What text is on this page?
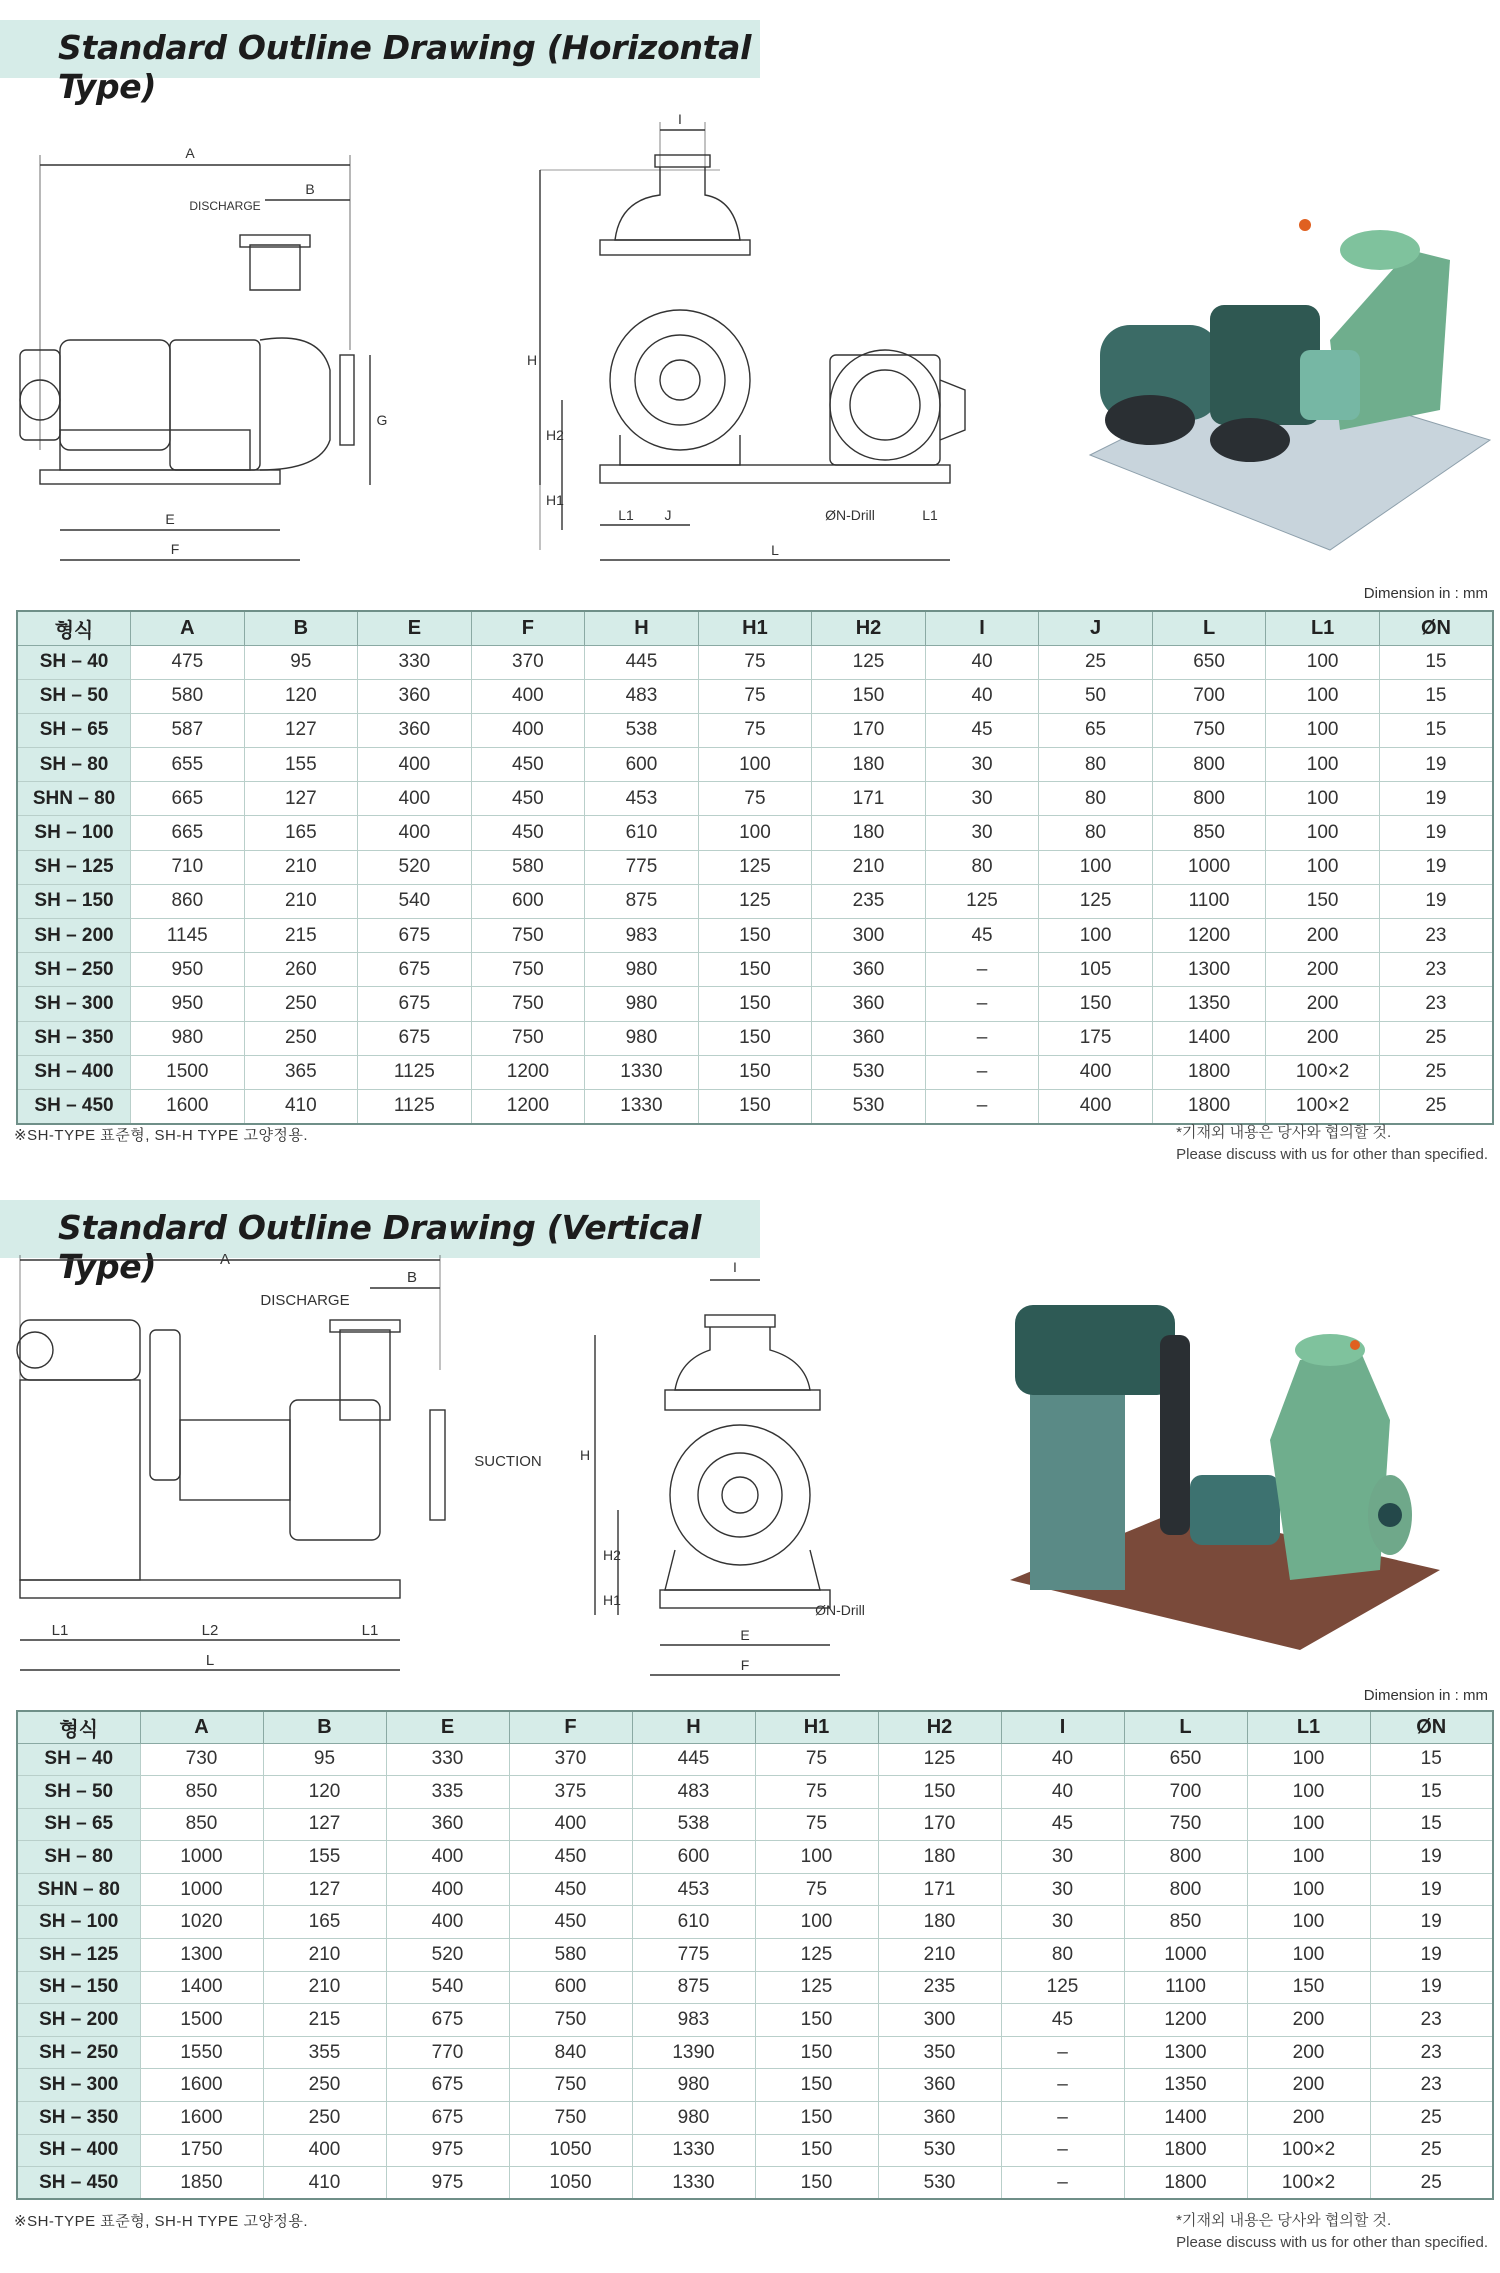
Standard Outline Drawing (Horizontal Type)
A
B
DISCHARGE
E
F
G
I
H
H2
H1
L1 J
L
ØN-Drill	L1
Dimension in : mm
형식	A	B	E	F	H	H1	H2	I	J	L	L1	ØN
SH – 40	475	95	330	370	445	75	125	40	25	650	100	15
SH – 50	580	120	360	400	483	75	150	40	50	700	100	15
SH – 65	587	127	360	400	538	75	170	45	65	750	100	15
SH – 80	655	155	400	450	600	100	180	30	80	800	100	19
SHN – 80	665	127	400	450	453	75	171	30	80	800	100	19
SH – 100	665	165	400	450	610	100	180	30	80	850	100	19
SH – 125	710	210	520	580	775	125	210	80	100	1000	100	19
SH – 150	860	210	540	600	875	125	235	125	125	1100	150	19
SH – 200	1145	215	675	750	983	150	300	45	100	1200	200	23
SH – 250	950	260	675	750	980	150	360	–	105	1300	200	23
SH – 300	950	250	675	750	980	150	360	–	150	1350	200	23
SH – 350	980	250	675	750	980	150	360	–	175	1400	200	25
SH – 400	1500	365	1125	1200	1330	150	530	–	400	1800	100×2	25
SH – 450	1600	410	1125	1200	1330	150	530	–	400	1800	100×2	25
※SH-TYPE 표준형, SH-H TYPE 고양정용.	*기재외 내용은 당사와 협의할 것.
Please discuss with us for other than specified.
Standard Outline Drawing (Vertical Type)	A
B
DISCHARGE
SUCTION
L1	L2	L1
L
I
H
H2
H1
ØN-Drill
E
F
Dimension in : mm
형식	A	B	E	F	H	H1	H2	I	L	L1	ØN
SH – 40	730	95	330	370	445	75	125	40	650	100	15
SH – 50	850	120	335	375	483	75	150	40	700	100	15
SH – 65	850	127	360	400	538	75	170	45	750	100	15
SH – 80	1000	155	400	450	600	100	180	30	800	100	19
SHN – 80	1000	127	400	450	453	75	171	30	800	100	19
SH – 100	1020	165	400	450	610	100	180	30	850	100	19
SH – 125	1300	210	520	580	775	125	210	80	1000	100	19
SH – 150	1400	210	540	600	875	125	235	125	1100	150	19
SH – 200	1500	215	675	750	983	150	300	45	1200	200	23
SH – 250	1550	355	770	840	1390	150	350	–	1300	200	23
SH – 300	1600	250	675	750	980	150	360	–	1350	200	23
SH – 350	1600	250	675	750	980	150	360	–	1400	200	25
SH – 400	1750	400	975	1050	1330	150	530	–	1800	100×2	25
SH – 450	1850	410	975	1050	1330	150	530	–	1800	100×2	25
※SH-TYPE 표준형, SH-H TYPE 고양정용.	*기재외 내용은 당사와 협의할 것.
Please discuss with us for other than specified.
